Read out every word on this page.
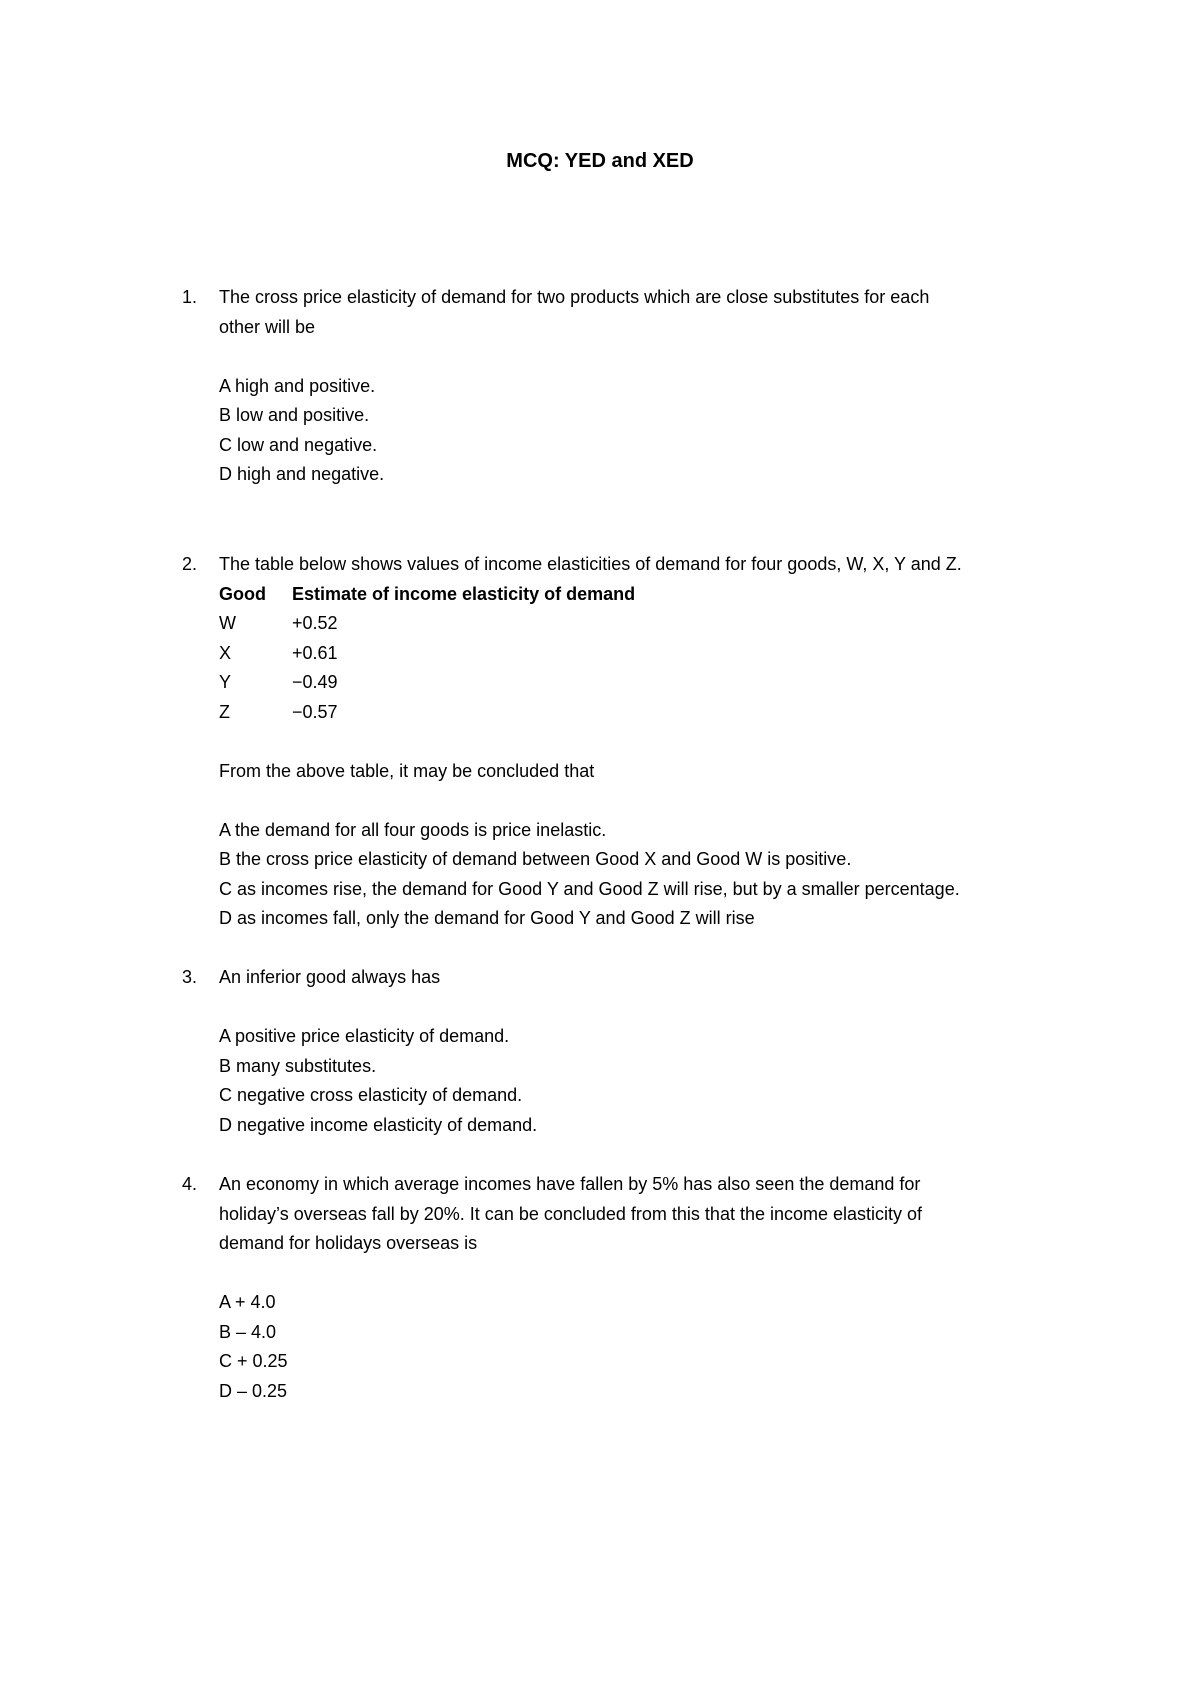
MCQ: YED and XED
1.	The cross price elasticity of demand for two products which are close substitutes for each
other will be
A high and positive.
B low and positive.
C low and negative.
D high and negative.
2.	The table below shows values of income elasticities of demand for four goods, W, X, Y and Z.
Good	Estimate of income elasticity of demand
W	+0.52
X	+0.61
Y	−0.49
Z	−0.57
From the above table, it may be concluded that
A the demand for all four goods is price inelastic.
B the cross price elasticity of demand between Good X and Good W is positive.
C as incomes rise, the demand for Good Y and Good Z will rise, but by a smaller percentage.
D as incomes fall, only the demand for Good Y and Good Z will rise
3.	An inferior good always has
A positive price elasticity of demand.
B many substitutes.
C negative cross elasticity of demand.
D negative income elasticity of demand.
4.	An economy in which average incomes have fallen by 5% has also seen the demand for
holiday’s overseas fall by 20%. It can be concluded from this that the income elasticity of
demand for holidays overseas is
A + 4.0
B – 4.0
C + 0.25
D – 0.25
